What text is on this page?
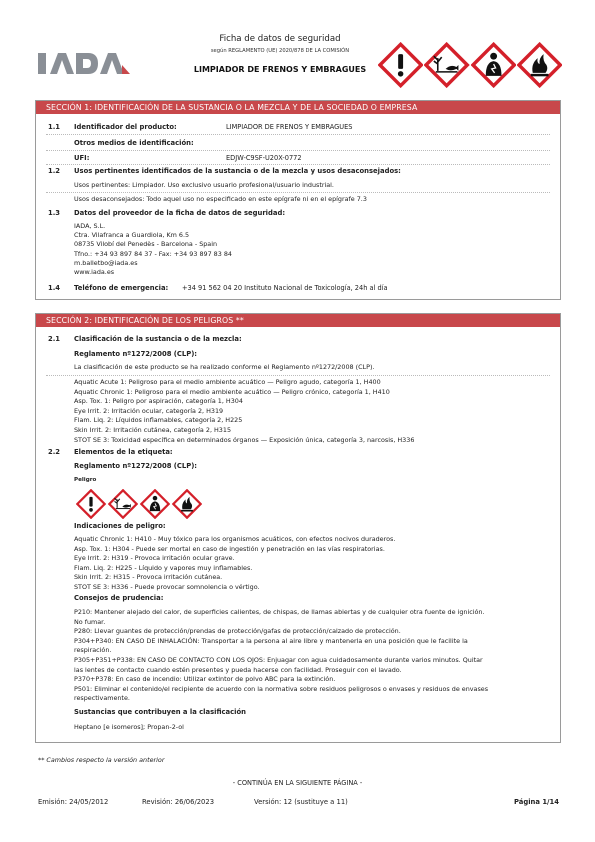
Ficha de datos de seguridad
según REGLAMENTO (UE) 2020/878 DE LA COMISIÓN
LIMPIADOR DE FRENOS Y EMBRAGUES
SECCIÓN 1: IDENTIFICACIÓN DE LA SUSTANCIA O LA MEZCLA Y DE LA SOCIEDAD O EMPRESA
1.1 Identificador del producto:	LIMPIADOR DE FRENOS Y EMBRAGUES
Otros medios de identificación:
UFI:	EDJW-C9SF-U20X-0772
1.2 Usos pertinentes identificados de la sustancia o de la mezcla y usos desaconsejados:
Usos pertinentes: Limpiador. Uso exclusivo usuario profesional/usuario industrial.
Usos desaconsejados: Todo aquel uso no especificado en este epígrafe ni en el epígrafe 7.3
1.3 Datos del proveedor de la ficha de datos de seguridad:
IADA, S.L.
Ctra. Vilafranca a Guardiola, Km 6.5
08735 Vilobí del Penedès - Barcelona - Spain
Tfno.: +34 93 897 84 37 - Fax: +34 93 897 83 84
m.balletbo@iada.es
www.iada.es
1.4 Teléfono de emergencia: +34 91 562 04 20 Instituto Nacional de Toxicología, 24h al día
SECCIÓN 2: IDENTIFICACIÓN DE LOS PELIGROS **
2.1 Clasificación de la sustancia o de la mezcla:
Reglamento nº1272/2008 (CLP):
La clasificación de este producto se ha realizado conforme el Reglamento nº1272/2008 (CLP).
Aquatic Acute 1: Peligroso para el medio ambiente acuático — Peligro agudo, categoría 1, H400
Aquatic Chronic 1: Peligroso para el medio ambiente acuático — Peligro crónico, categoría 1, H410
Asp. Tox. 1: Peligro por aspiración, categoría 1, H304
Eye Irrit. 2: Irritación ocular, categoría 2, H319
Flam. Liq. 2: Líquidos inflamables, categoría 2, H225
Skin Irrit. 2: Irritación cutánea, categoría 2, H315
STOT SE 3: Toxicidad específica en determinados órganos — Exposición única, categoría 3, narcosis, H336
2.2 Elementos de la etiqueta:
Reglamento nº1272/2008 (CLP):
Peligro
Indicaciones de peligro:
Aquatic Chronic 1: H410 - Muy tóxico para los organismos acuáticos, con efectos nocivos duraderos.
Asp. Tox. 1: H304 - Puede ser mortal en caso de ingestión y penetración en las vías respiratorias.
Eye Irrit. 2: H319 - Provoca irritación ocular grave.
Flam. Liq. 2: H225 - Líquido y vapores muy inflamables.
Skin Irrit. 2: H315 - Provoca irritación cutánea.
STOT SE 3: H336 - Puede provocar somnolencia o vértigo.
Consejos de prudencia:
P210: Mantener alejado del calor, de superficies calientes, de chispas, de llamas abiertas y de cualquier otra fuente de ignición.
No fumar.
P280: Llevar guantes de protección/prendas de protección/gafas de protección/calzado de protección.
P304+P340: EN CASO DE INHALACIÓN: Transportar a la persona al aire libre y mantenerla en una posición que le facilite la
respiración.
P305+P351+P338: EN CASO DE CONTACTO CON LOS OJOS: Enjuagar con agua cuidadosamente durante varios minutos. Quitar
las lentes de contacto cuando estén presentes y pueda hacerse con facilidad. Proseguir con el lavado.
P370+P378: En caso de incendio: Utilizar extintor de polvo ABC para la extinción.
P501: Eliminar el contenido/el recipiente de acuerdo con la normativa sobre residuos peligrosos o envases y residuos de envases
respectivamente.
Sustancias que contribuyen a la clasificación
Heptano [e isomeros]; Propan-2-ol
** Cambios respecto la versión anterior
- CONTINÚA EN LA SIGUIENTE PÁGINA -
Emisión: 24/05/2012	Revisión: 26/06/2023	Versión: 12 (sustituye a 11)	Página 1/14
